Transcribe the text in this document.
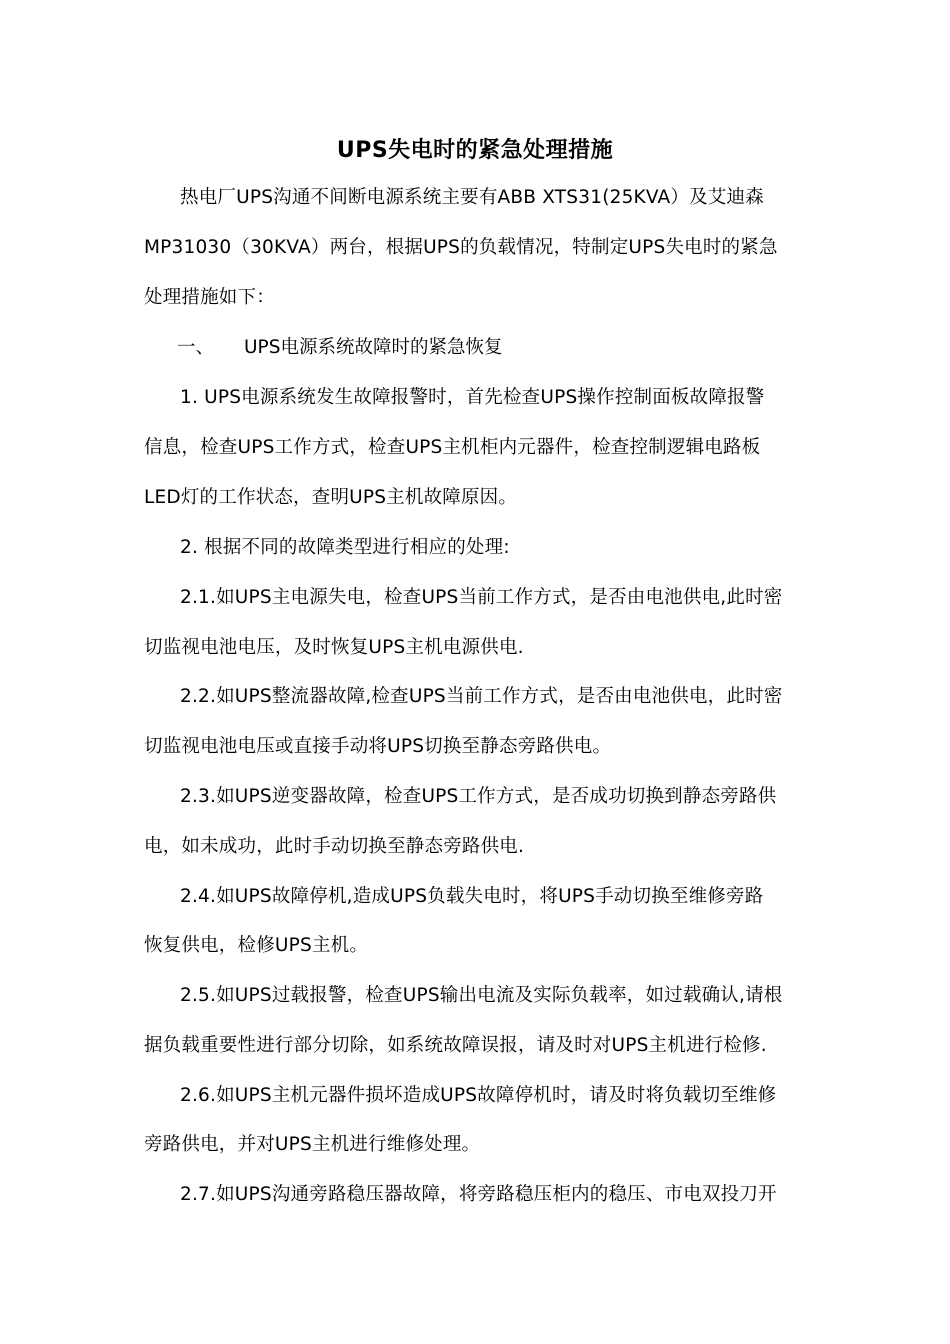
UPS失电时的紧急处理措施
热电厂UPS沟通不间断电源系统主要有ABB XTS31(25KVA）及艾迪森
MP31030（30KVA）两台，根据UPS的负载情况，特制定UPS失电时的紧急
处理措施如下：
一、 UPS电源系统故障时的紧急恢复
1. UPS电源系统发生故障报警时，首先检查UPS操作控制面板故障报警
信息，检查UPS工作方式，检查UPS主机柜内元器件，检查控制逻辑电路板
LED灯的工作状态，查明UPS主机故障原因。
2. 根据不同的故障类型进行相应的处理:
2.1.如UPS主电源失电，检查UPS当前工作方式，是否由电池供电,此时密
切监视电池电压，及时恢复UPS主机电源供电.
2.2.如UPS整流器故障,检查UPS当前工作方式，是否由电池供电，此时密
切监视电池电压或直接手动将UPS切换至静态旁路供电。
2.3.如UPS逆变器故障，检查UPS工作方式，是否成功切换到静态旁路供
电，如未成功，此时手动切换至静态旁路供电.
2.4.如UPS故障停机,造成UPS负载失电时，将UPS手动切换至维修旁路
恢复供电，检修UPS主机。
2.5.如UPS过载报警，检查UPS输出电流及实际负载率，如过载确认,请根
据负载重要性进行部分切除，如系统故障误报，请及时对UPS主机进行检修.
2.6.如UPS主机元器件损坏造成UPS故障停机时，请及时将负载切至维修
旁路供电，并对UPS主机进行维修处理。
2.7.如UPS沟通旁路稳压器故障，将旁路稳压柜内的稳压、市电双投刀开
